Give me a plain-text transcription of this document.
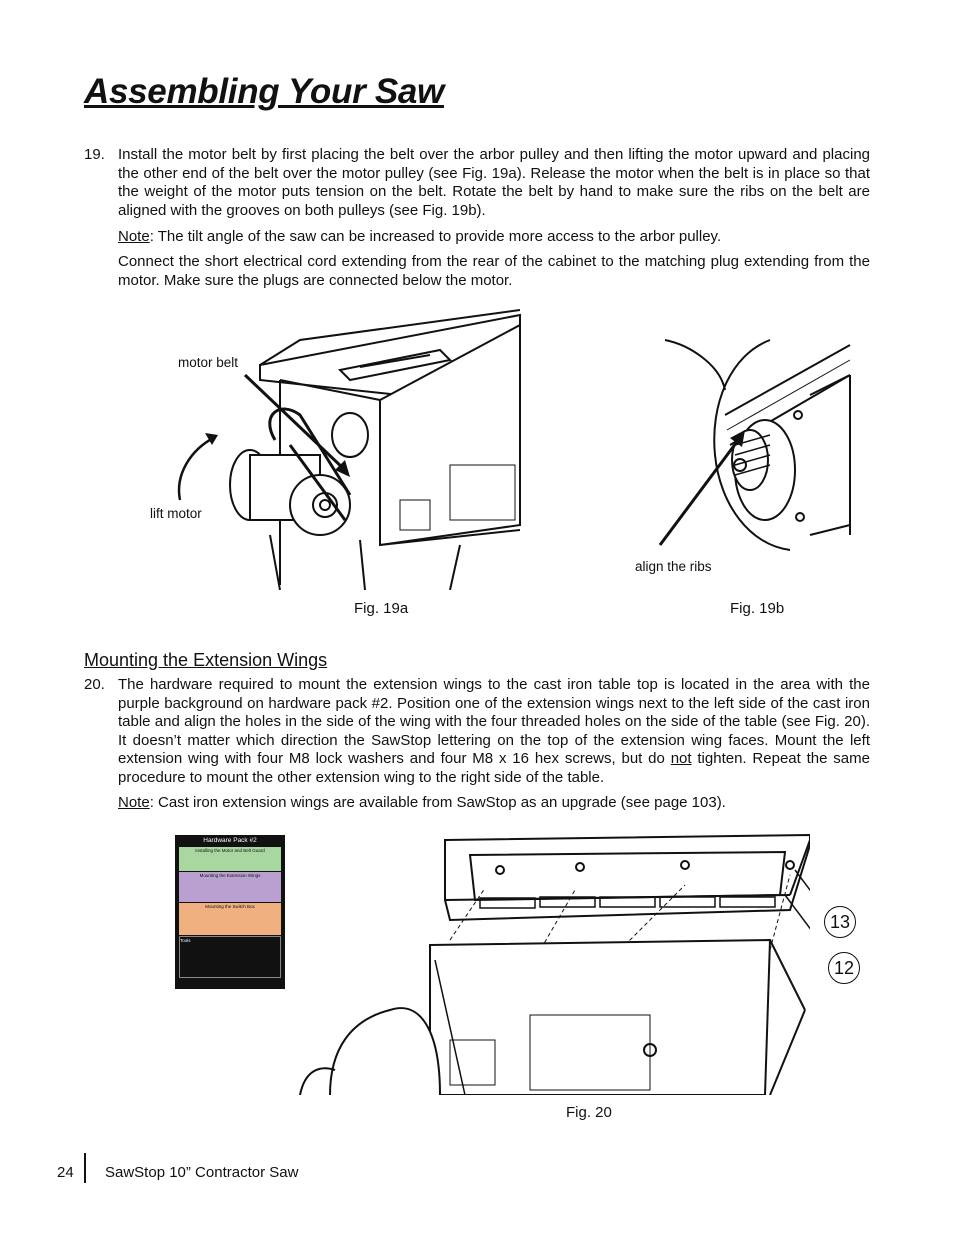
Assembling Your Saw
19. Install the motor belt by first placing the belt over the arbor pulley and then lifting the motor upward and placing the other end of the belt over the motor pulley (see Fig. 19a). Release the motor when the belt is in place so that the weight of the motor puts tension on the belt. Rotate the belt by hand to make sure the ribs on the belt are aligned with the grooves on both pulleys (see Fig. 19b).
Note: The tilt angle of the saw can be increased to provide more access to the arbor pulley.
Connect the short electrical cord extending from the rear of the cabinet to the matching plug extending from the motor. Make sure the plugs are connected below the motor.
motor belt
lift motor
Fig. 19a
align the ribs
Fig. 19b
Mounting the Extension Wings
20. The hardware required to mount the extension wings to the cast iron table top is located in the area with the purple background on hardware pack #2. Position one of the extension wings next to the left side of the cast iron table and align the holes in the side of the wing with the four threaded holes on the side of the table (see Fig. 20). It doesn’t matter which direction the SawStop lettering on the top of the extension wing faces. Mount the left extension wing with four M8 lock washers and four M8 x 16 hex screws, but do not tighten. Repeat the same procedure to mount the other extension wing to the right side of the table.
Note: Cast iron extension wings are available from SawStop as an upgrade (see page 103).
Hardware Pack #2
Installing the Motor and Belt Guard
Mounting the Extension Wings
Mounting the Switch Box
Tools
13
12
Fig. 20
24 SawStop 10” Contractor Saw
